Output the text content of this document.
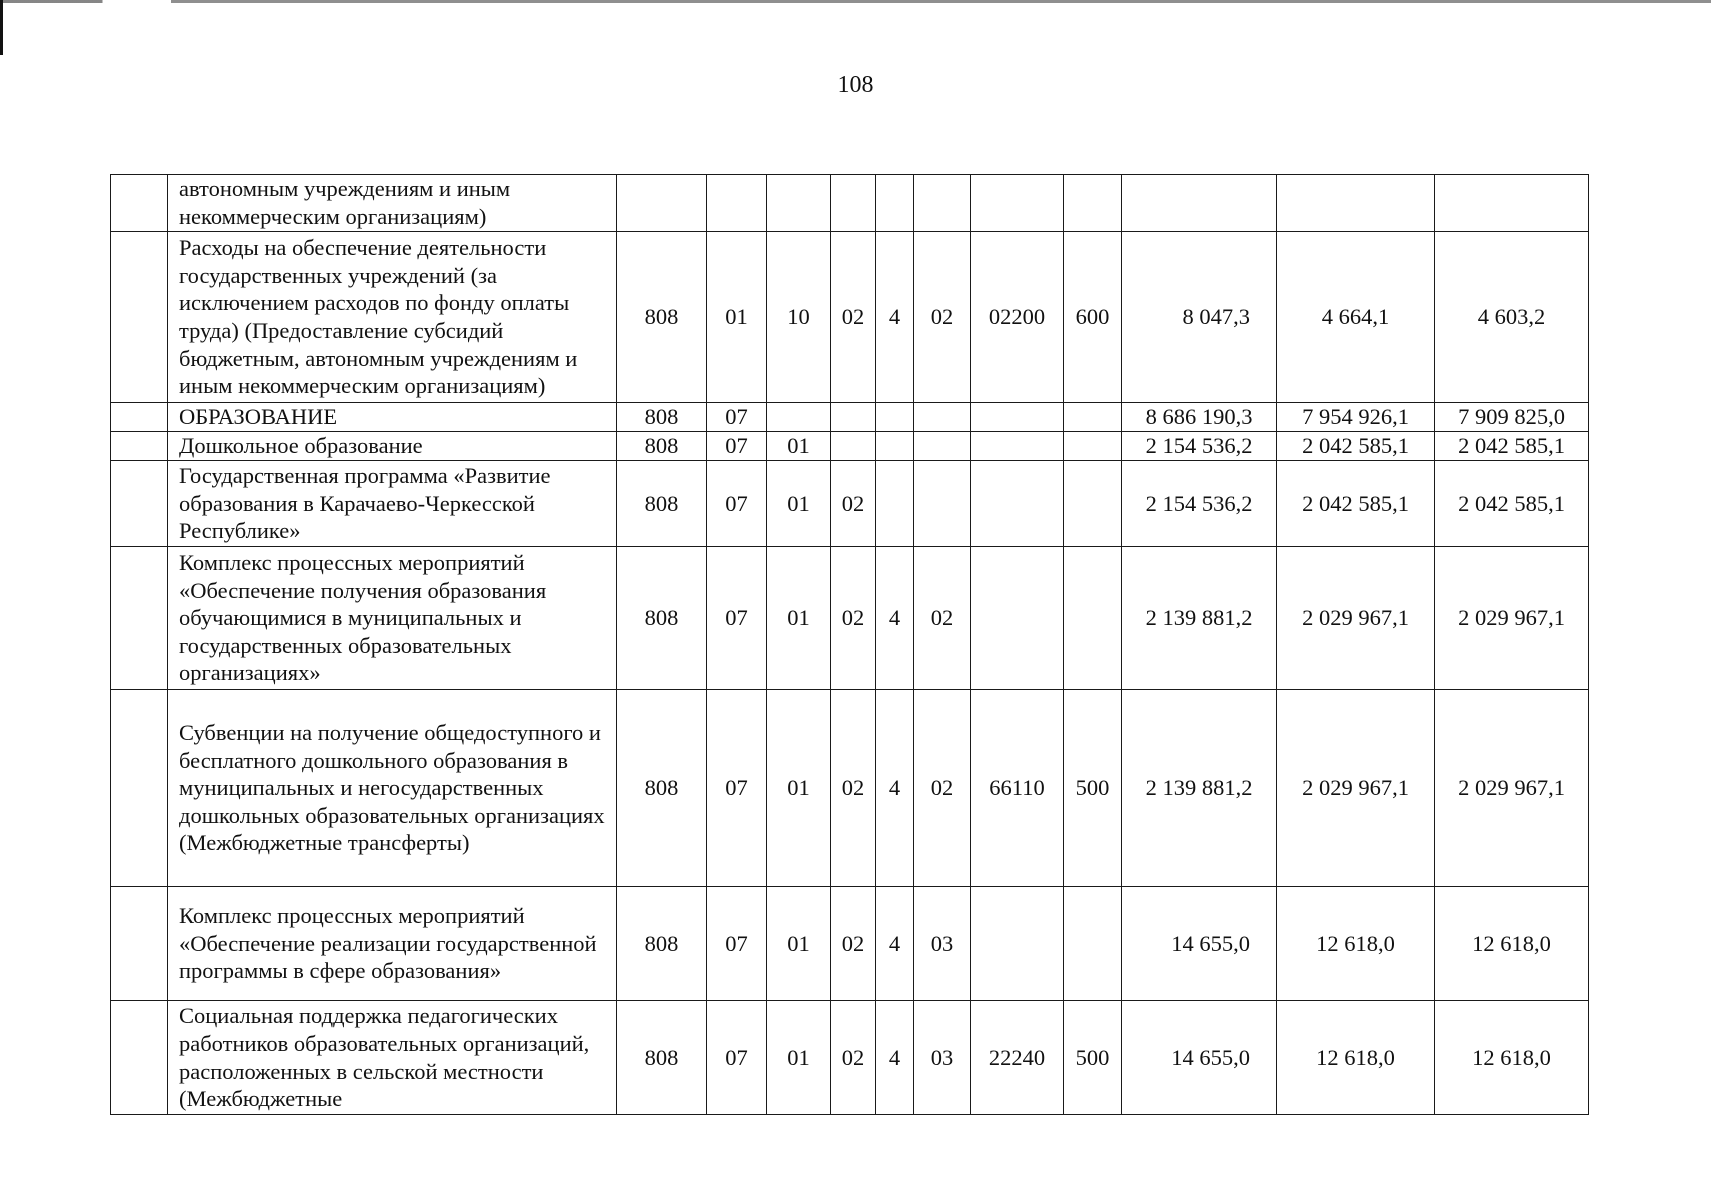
108
	автономным учреждениям и иным некоммерческим организациям)											
	Расходы на обеспечение деятельности государственных учреждений (за исключением расходов по фонду оплаты труда) (Предоставление субсидий бюджетным, автономным учреждениям и иным некоммерческим организациям)	808	01	10	02	4	02	02200	600	8 047,3	4 664,1	4 603,2
	ОБРАЗОВАНИЕ	808	07							8 686 190,3	7 954 926,1	7 909 825,0
	Дошкольное образование	808	07	01						2 154 536,2	2 042 585,1	2 042 585,1
	Государственная программа «Развитие образования в Карачаево-Черкесской Республике»	808	07	01	02					2 154 536,2	2 042 585,1	2 042 585,1
	Комплекс процессных мероприятий «Обеспечение получения образования обучающимися в муниципальных и государственных образовательных организациях»	808	07	01	02	4	02			2 139 881,2	2 029 967,1	2 029 967,1
	Субвенции на получение общедоступного и бесплатного дошкольного образования в муниципальных и негосударственных дошкольных образовательных организациях (Межбюджетные трансферты)	808	07	01	02	4	02	66110	500	2 139 881,2	2 029 967,1	2 029 967,1
	Комплекс процессных мероприятий «Обеспечение реализации государственной программы в сфере образования»	808	07	01	02	4	03			14 655,0	12 618,0	12 618,0
	Социальная поддержка педагогических работников образовательных организаций, расположенных в сельской местности (Межбюджетные	808	07	01	02	4	03	22240	500	14 655,0	12 618,0	12 618,0
